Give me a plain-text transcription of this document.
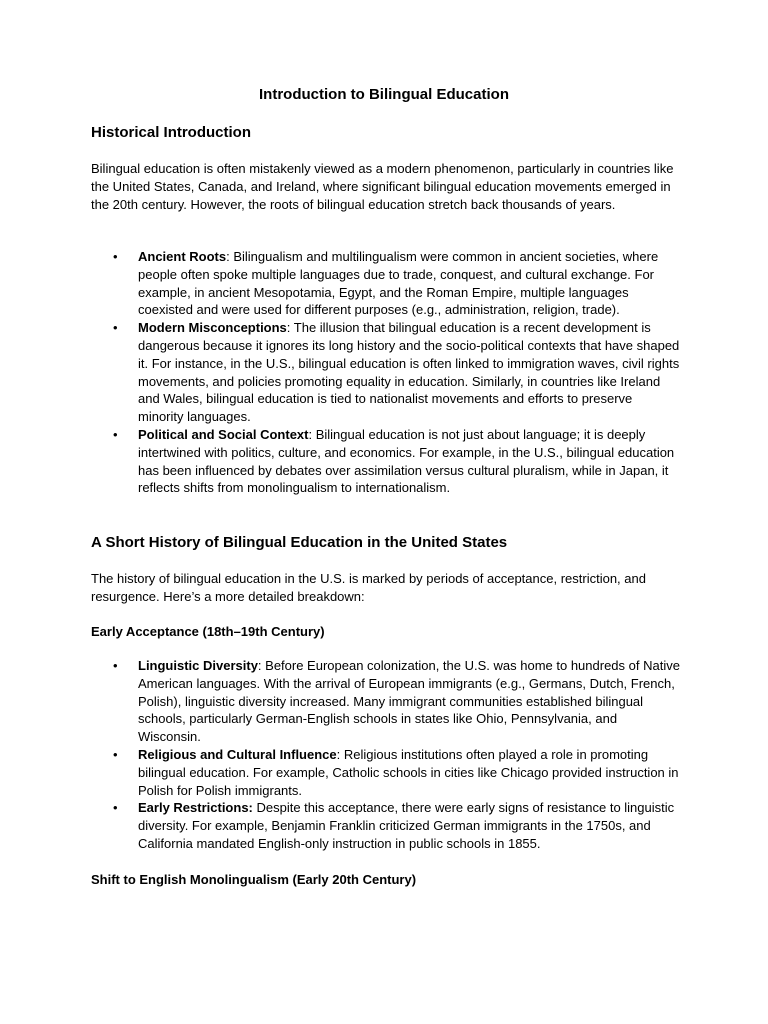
Introduction to Bilingual Education
Historical Introduction

Bilingual education is often mistakenly viewed as a modern phenomenon, particularly in countries like the United States, Canada, and Ireland, where significant bilingual education movements emerged in the 20th century. However, the roots of bilingual education stretch back thousands of years.

• Ancient Roots: Bilingualism and multilingualism were common in ancient societies, where people often spoke multiple languages due to trade, conquest, and cultural exchange. For example, in ancient Mesopotamia, Egypt, and the Roman Empire, multiple languages coexisted and were used for different purposes (e.g., administration, religion, trade).
• Modern Misconceptions: The illusion that bilingual education is a recent development is dangerous because it ignores its long history and the socio-political contexts that have shaped it. For instance, in the U.S., bilingual education is often linked to immigration waves, civil rights movements, and policies promoting equality in education. Similarly, in countries like Ireland and Wales, bilingual education is tied to nationalist movements and efforts to preserve minority languages.
• Political and Social Context: Bilingual education is not just about language; it is deeply intertwined with politics, culture, and economics. For example, in the U.S., bilingual education has been influenced by debates over assimilation versus cultural pluralism, while in Japan, it reflects shifts from monolingualism to internationalism.
A Short History of Bilingual Education in the United States

The history of bilingual education in the U.S. is marked by periods of acceptance, restriction, and resurgence. Here’s a more detailed breakdown:

Early Acceptance (18th–19th Century)
• Linguistic Diversity: Before European colonization, the U.S. was home to hundreds of Native American languages. With the arrival of European immigrants (e.g., Germans, Dutch, French, Polish), linguistic diversity increased. Many immigrant communities established bilingual schools, particularly German-English schools in states like Ohio, Pennsylvania, and Wisconsin.
• Religious and Cultural Influence: Religious institutions often played a role in promoting bilingual education. For example, Catholic schools in cities like Chicago provided instruction in Polish for Polish immigrants.
• Early Restrictions: Despite this acceptance, there were early signs of resistance to linguistic diversity. For example, Benjamin Franklin criticized German immigrants in the 1750s, and California mandated English-only instruction in public schools in 1855.
Shift to English Monolingualism (Early 20th Century)
